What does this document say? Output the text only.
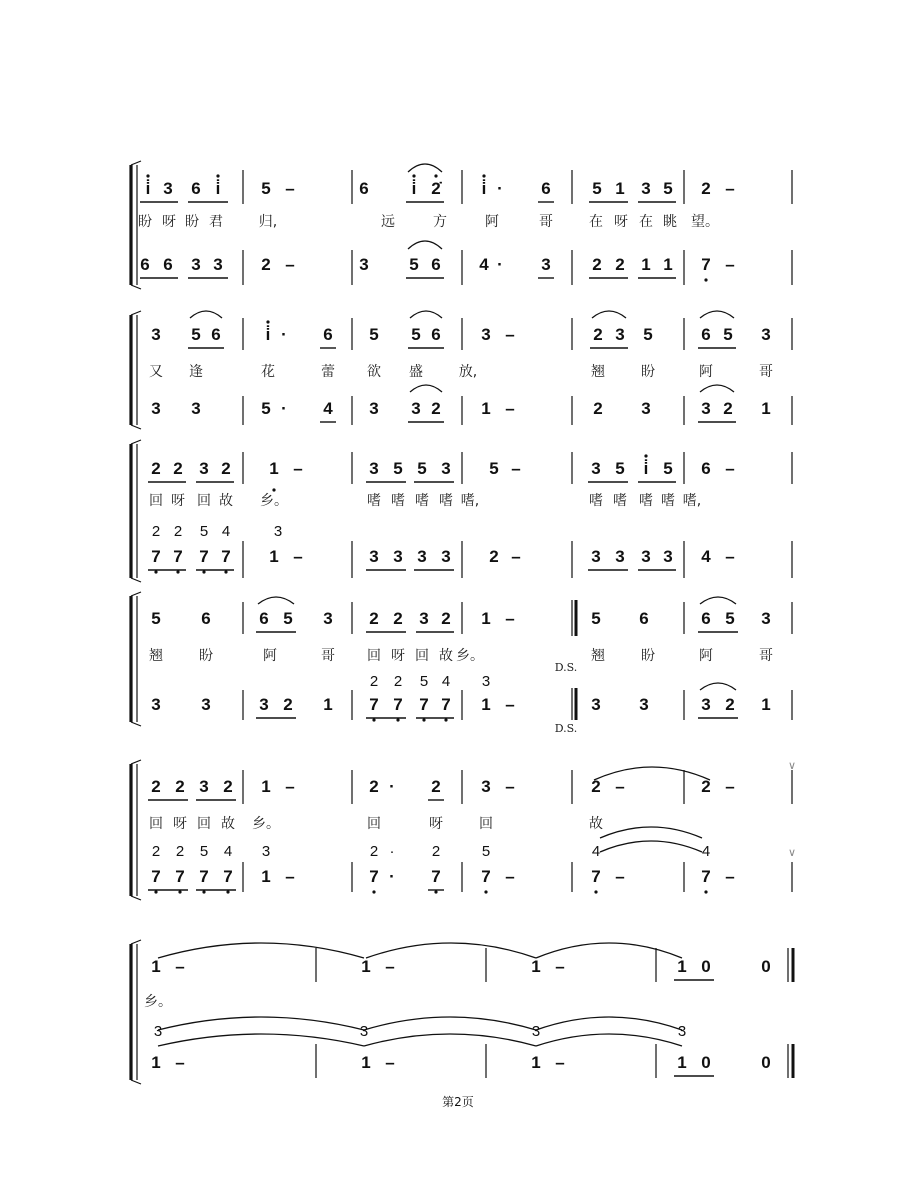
i̇ 3 6 i̇ 5 –	6	i̇ 2̇ i̇ · 6 5 1 3 5 2 –
盼 呀 盼 君	归,	远	方	阿	哥	在 呀 在 眺 望。
6 6 3 3 2 –	3 5 6 4 · 3 2 2 1 1 7 –
3 5 6	i̇ · 6 5 5 6 3 –	2 3 5	6 5 3
又 逢	花	蕾 欲 盛	放,	翘	盼	阿	哥
3 3	5 · 4 3 3 2 1 –	2 3	3 2 1
2 2 3 2 1 –	3 5 5 3 5 –	3 5 i̇ 5 6 –
回 呀 回 故 乡。	嗜 嗜 嗜 嗜 嗜,	嗜 嗜 嗜 嗜 嗜,
2 2 5 4	3
7 7 7 7 1 –	3 3 3 3 2 –	3 3 3 3 4 –
5 6	6 5 3 2 2 3 2 1 –	5 6	6 5 3
翘	盼	阿	哥 回 呀 回 故 乡。	翘	盼	阿	哥
D.S.
D.S.
2 2 5 4 3
3 3	3 2 1 7 7 7 7 1 –	3 3	3 2 1
2 2 3 2 1 –	2 · 2 3 –	2 –	2 –
∨
∨
回 呀 回 故 乡。	回	呀	回	故
2 2 5 4 3	2 · 2	5	4	4
7 7 7 7 1 –	7 · 7 7 –	7 –	7 –
1 –	1 –	1 –	1 0	0
乡。
3	3	3	3
1 –	1 –	1 –	1 0	0
第2页
